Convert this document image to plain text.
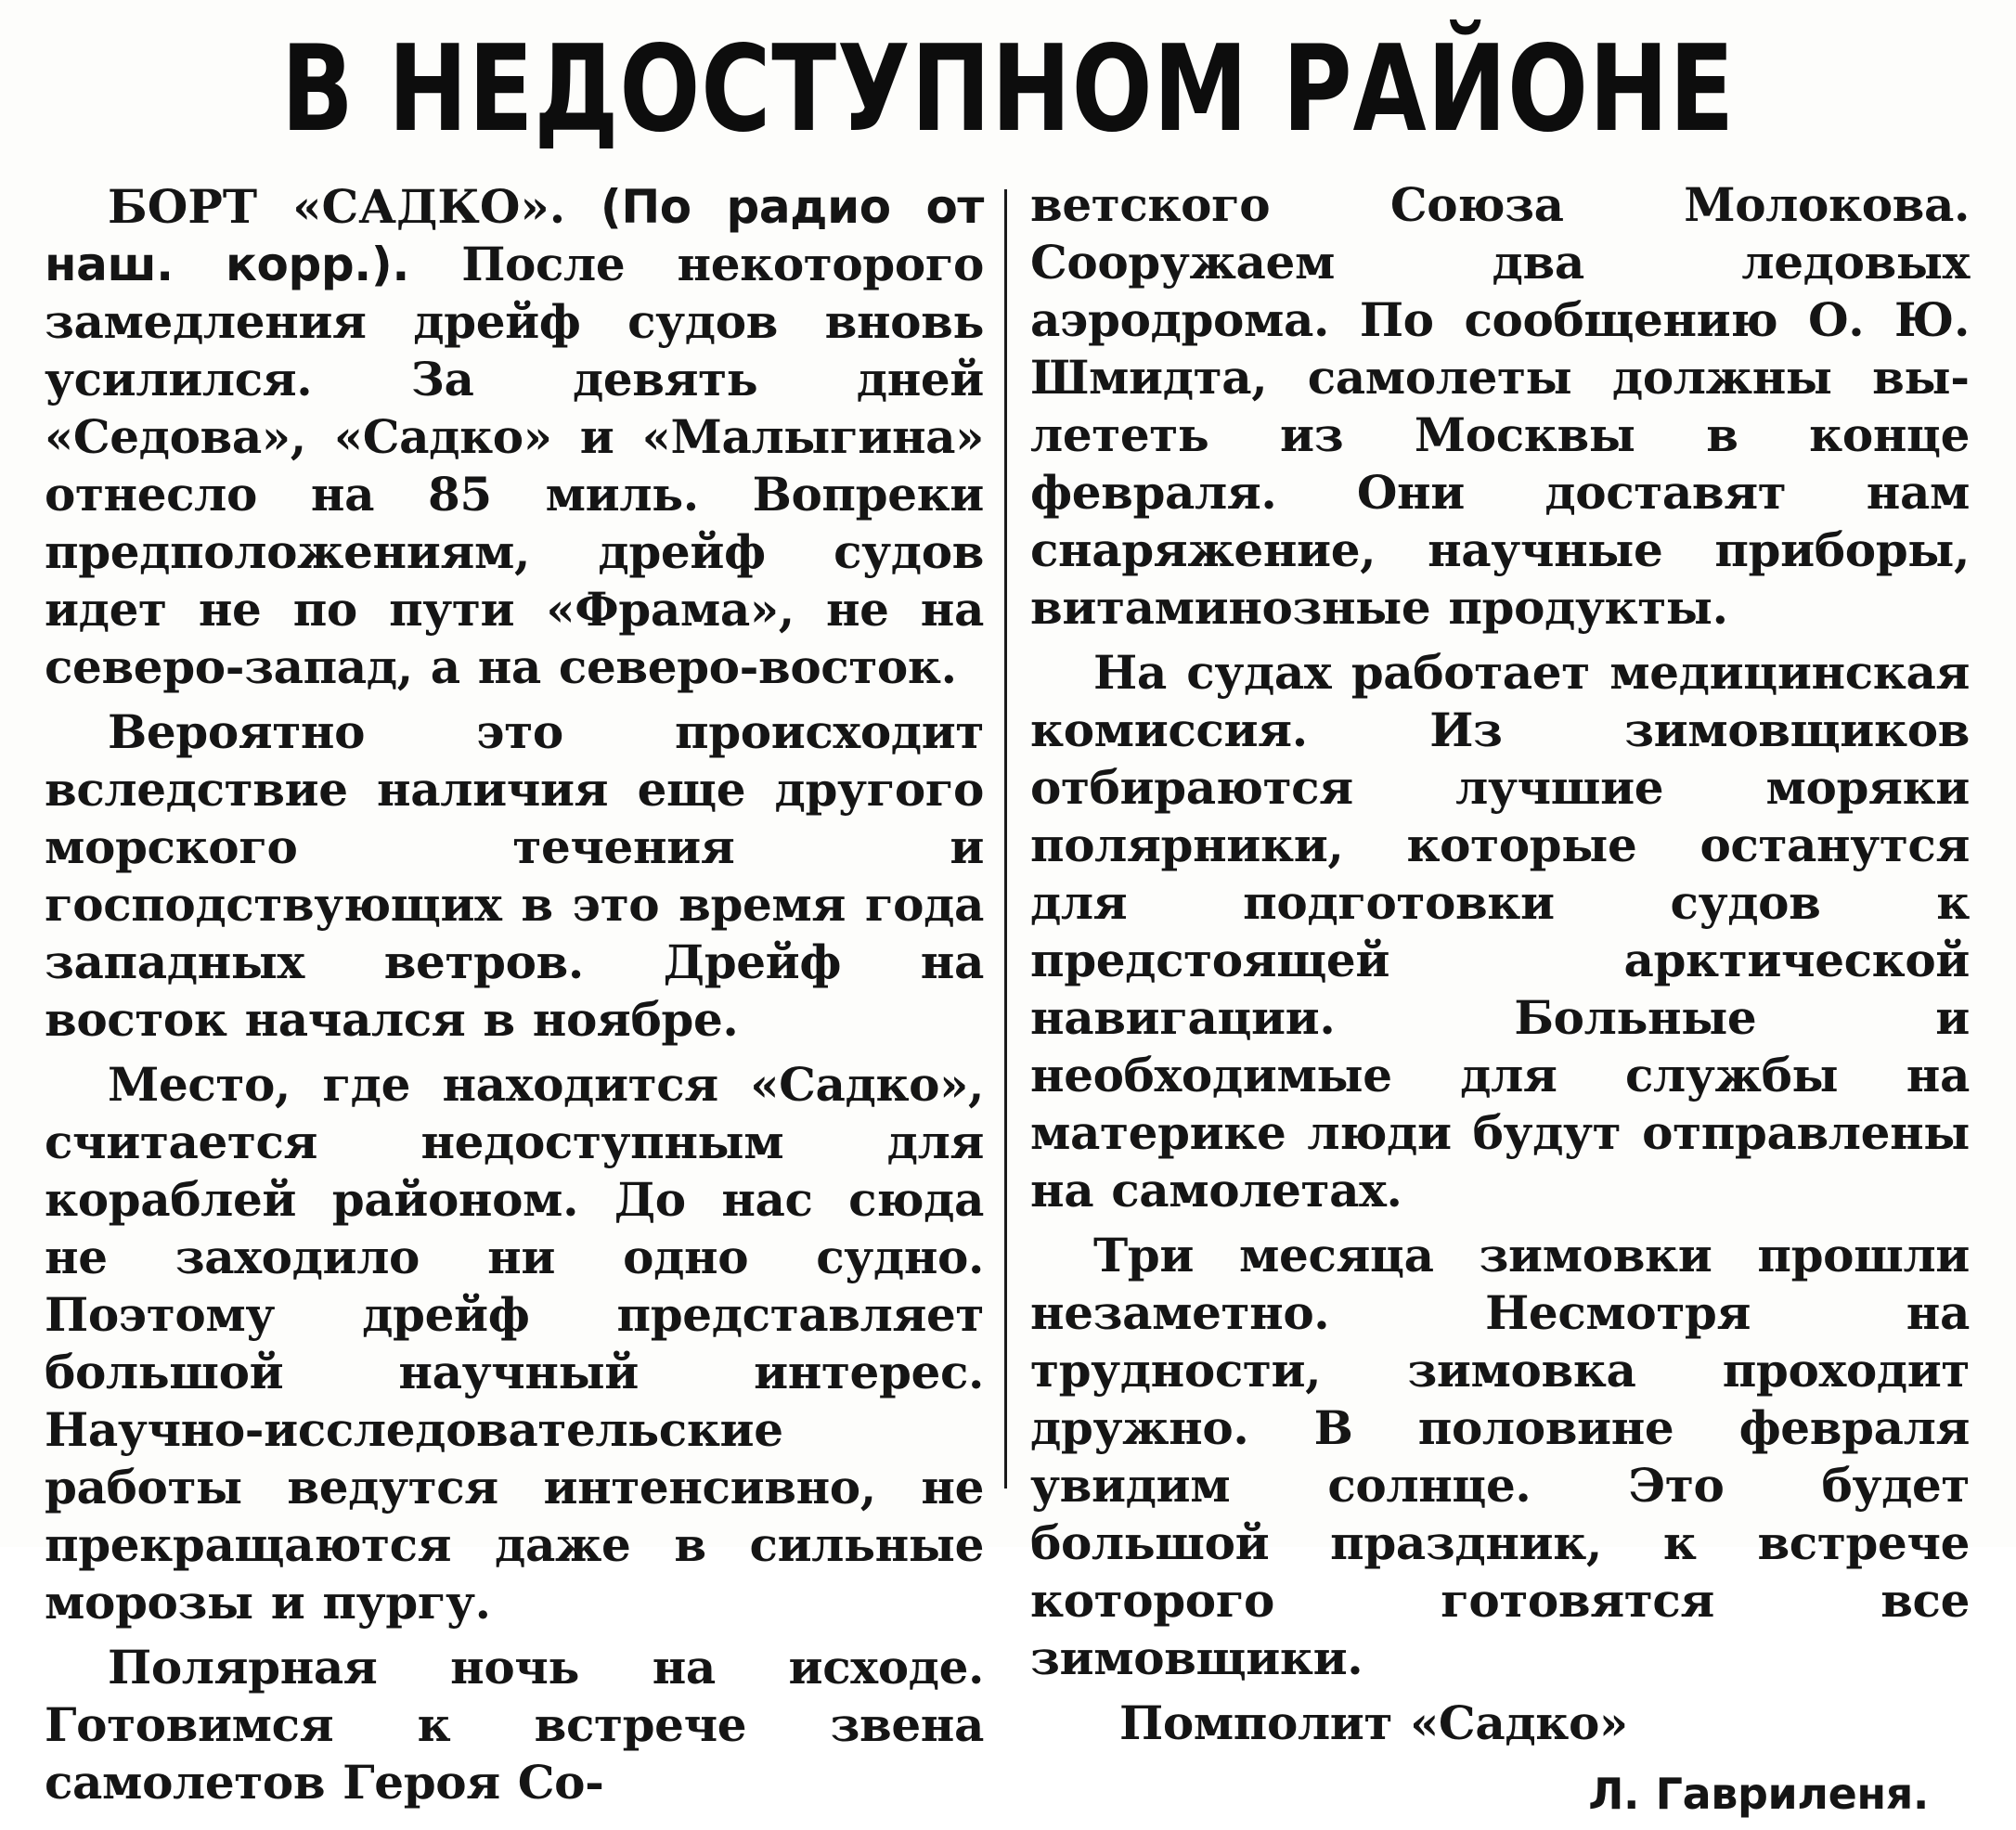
В НЕДОСТУПНОМ РАЙОНЕ

БОРТ «САДКО». (По радио от наш. корр.). После некоторого замедления дрейф судов вновь усилился. За девять дней «Седова», «Садко» и «Малыгина» отнесло на 85 миль. Вопреки предположениям, дрейф судов идет не по пути «Фрама», не на северо-запад, а на северо-восток.

Вероятно это происходит вследствие наличия еще другого морского течения и господствующих в это время года западных ветров. Дрейф на восток начался в ноябре.

Место, где находится «Садко», считается недоступным для кораблей районом. До нас сюда не заходило ни одно судно. Поэтому дрейф представляет большой научный интерес. Научно-исследовательские работы ведутся интенсивно, не прекращаются даже в сильные морозы и пургу.

Полярная ночь на исходе. Готовимся к встрече звена самолетов Героя Со-

ветского Союза Молокова. Сооружаем два ледовых аэродрома. По сообщению О. Ю. Шмидта, самолеты должны вылететь из Москвы в конце февраля. Они доставят нам снаряжение, научные приборы, витаминозные продукты.

На судах работает медицинская комиссия. Из зимовщиков отбираются лучшие моряки полярники, которые останутся для подготовки судов к предстоящей арктической навигации. Больные и необходимые для службы на материке люди будут отправлены на самолетах.

Три месяца зимовки прошли незаметно. Несмотря на трудности, зимовка проходит дружно. В половине февраля увидим солнце. Это будет большой праздник, к встрече которого готовятся все зимовщики.

Помполит «Садко»

Л. Гавриленя.
